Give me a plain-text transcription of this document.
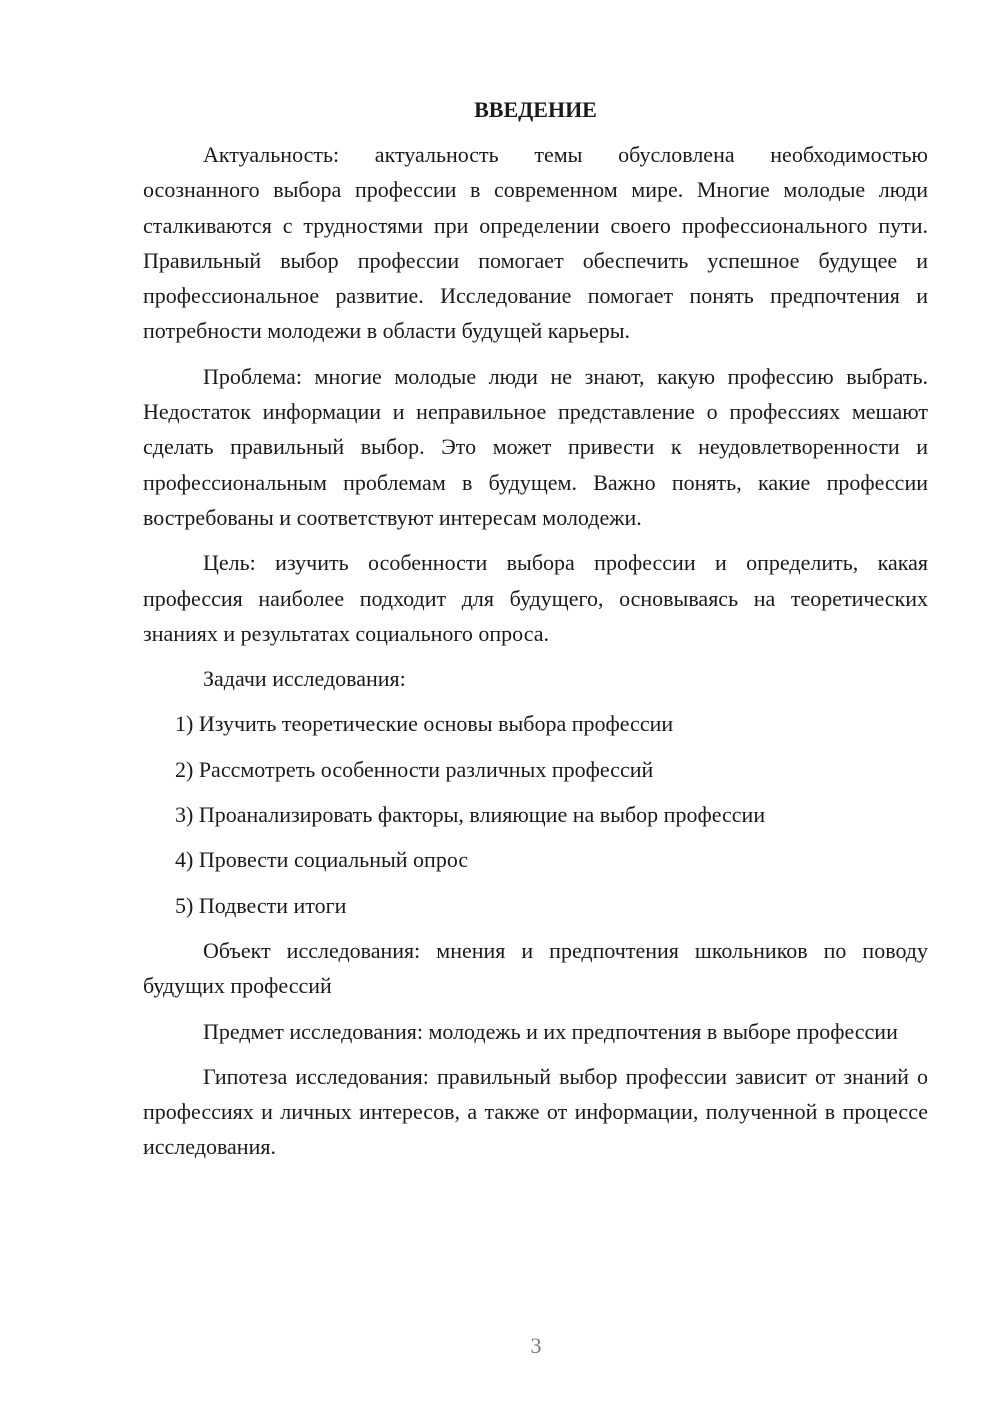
ВВЕДЕНИЕ

Актуальность: актуальность темы обусловлена необходимостью осознанного выбора профессии в современном мире. Многие молодые люди сталкиваются с трудностями при определении своего профессионального пути. Правильный выбор профессии помогает обеспечить успешное будущее и профессиональное развитие. Исследование помогает понять предпочтения и потребности молодежи в области будущей карьеры.

Проблема: многие молодые люди не знают, какую профессию выбрать. Недостаток информации и неправильное представление о профессиях мешают сделать правильный выбор. Это может привести к неудовлетворенности и профессиональным проблемам в будущем. Важно понять, какие профессии востребованы и соответствуют интересам молодежи.

Цель: изучить особенности выбора профессии и определить, какая профессия наиболее подходит для будущего, основываясь на теоретических знаниях и результатах социального опроса.

Задачи исследования:

1) Изучить теоретические основы выбора профессии

2) Рассмотреть особенности различных профессий

3) Проанализировать факторы, влияющие на выбор профессии

4) Провести социальный опрос

5) Подвести итоги

Объект исследования: мнения и предпочтения школьников по поводу будущих профессий

Предмет исследования: молодежь и их предпочтения в выборе профессии

Гипотеза исследования: правильный выбор профессии зависит от знаний о профессиях и личных интересов, а также от информации, полученной в процессе исследования.

3
